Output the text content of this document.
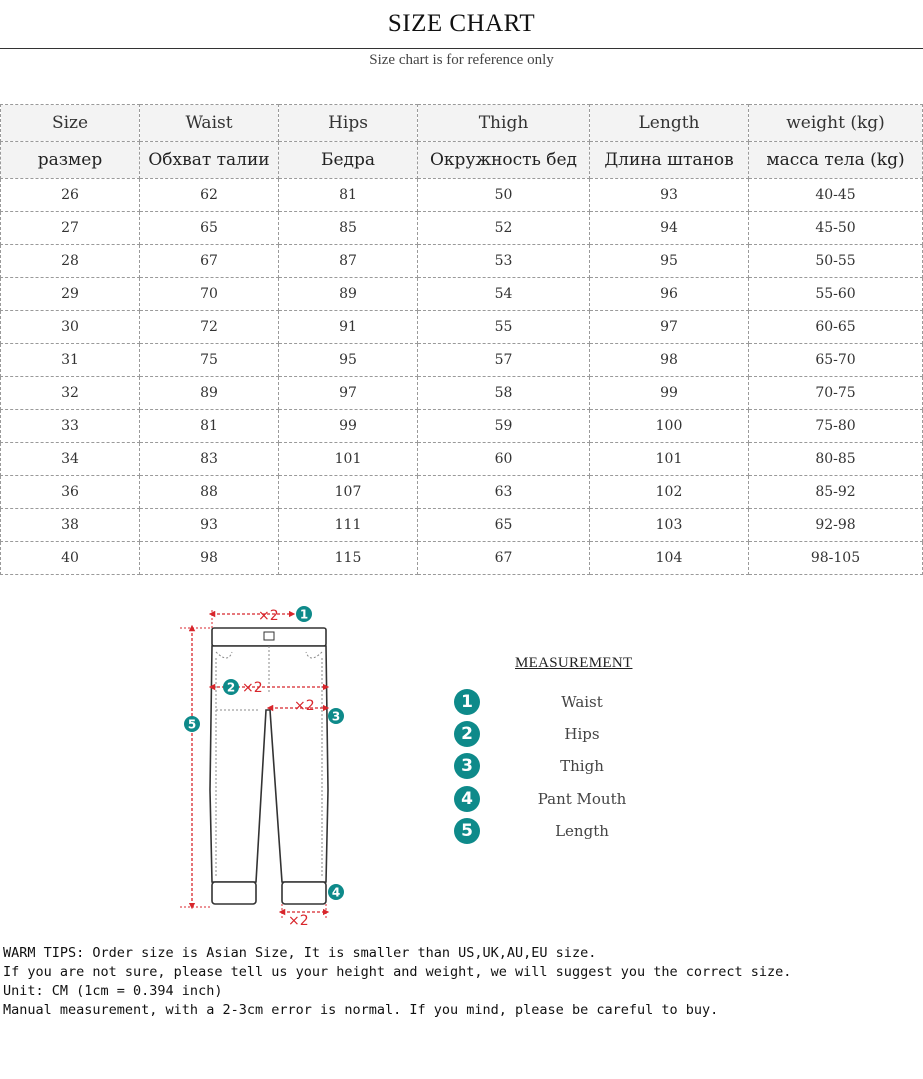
SIZE CHART
Size chart is for reference only
Size	Waist	Hips	Thigh	Length	weight (kg)
размер	Обхват талии	Бедра	Окружность бед	Длина штанов	масса тела (kg)
26	62	81	50	93	40-45
27	65	85	52	94	45-50
28	67	87	53	95	50-55
29	70	89	54	96	55-60
30	72	91	55	97	60-65
31	75	95	57	98	65-70
32	89	97	58	99	70-75
33	81	99	59	100	75-80
34	83	101	60	101	80-85
36	88	107	63	102	85-92
38	93	111	65	103	92-98
40	98	115	67	104	98-105
×2 1
2 ×2
×2
3
×2
4
5
MEASUREMENT
1	Waist
2	Hips
3	Thigh
4	Pant Mouth
5	Length
WARM TIPS: Order size is Asian Size, It is smaller than US,UK,AU,EU size.
If you are not sure, please tell us your height and weight, we will suggest you the correct size.
Unit: CM (1cm = 0.394 inch)
Manual measurement, with a 2-3cm error is normal. If you mind, please be careful to buy.
